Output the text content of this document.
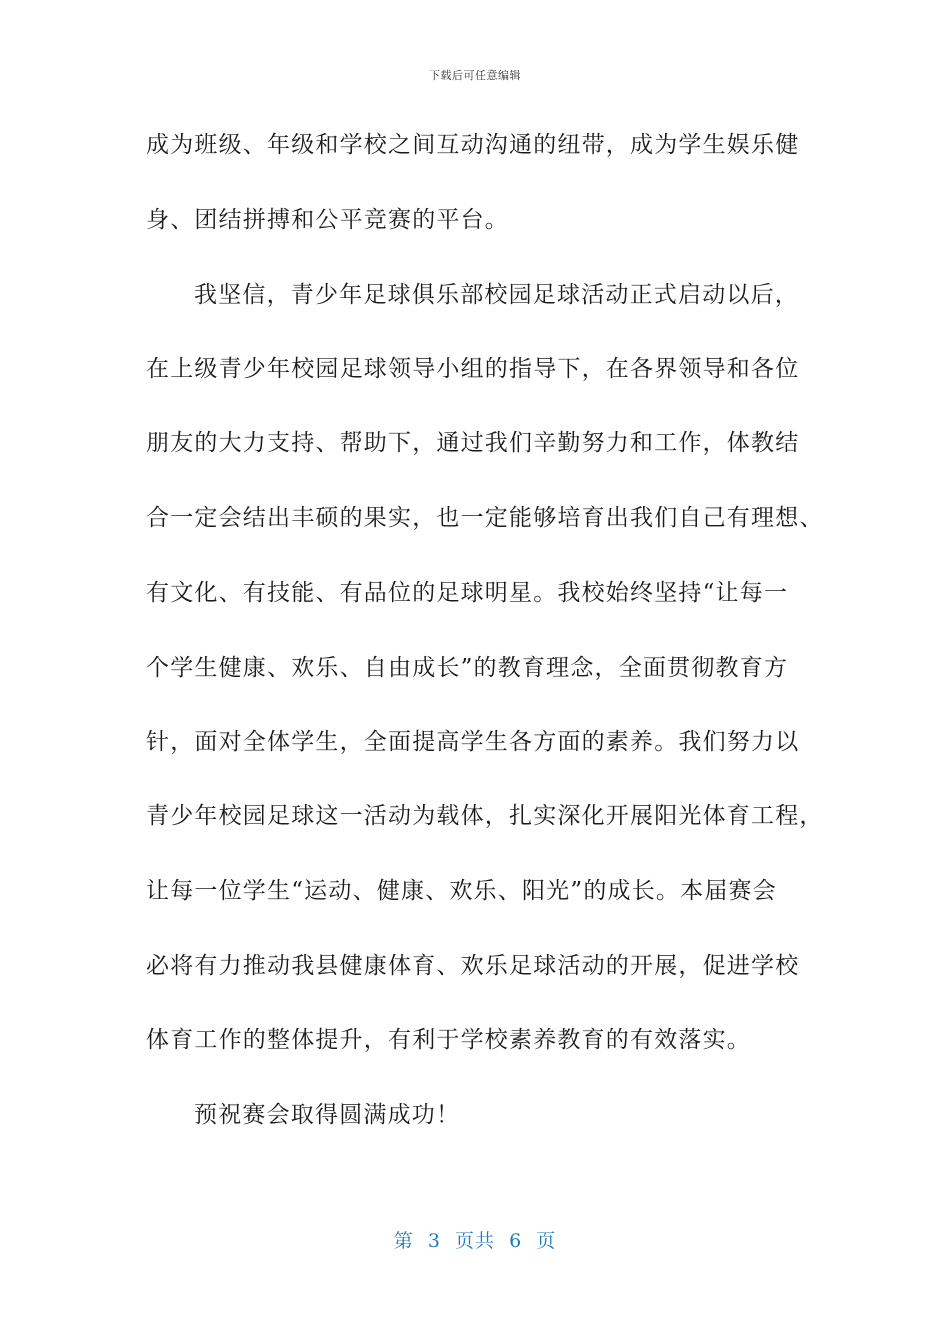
下载后可任意编辑
成为班级、年级和学校之间互动沟通的纽带，成为学生娱乐健
身、团结拼搏和公平竞赛的平台。
我坚信，青少年足球俱乐部校园足球活动正式启动以后，
在上级青少年校园足球领导小组的指导下，在各界领导和各位
朋友的大力支持、帮助下，通过我们辛勤努力和工作，体教结
合一定会结出丰硕的果实，也一定能够培育出我们自己有理想、
有文化、有技能、有品位的足球明星。我校始终坚持“让每一
个学生健康、欢乐、自由成长”的教育理念，全面贯彻教育方
针，面对全体学生，全面提高学生各方面的素养。我们努力以
青少年校园足球这一活动为载体，扎实深化开展阳光体育工程，
让每一位学生“运动、健康、欢乐、阳光”的成长。本届赛会
必将有力推动我县健康体育、欢乐足球活动的开展，促进学校
体育工作的整体提升，有利于学校素养教育的有效落实。
预祝赛会取得圆满成功！
第  3  页共  6  页
